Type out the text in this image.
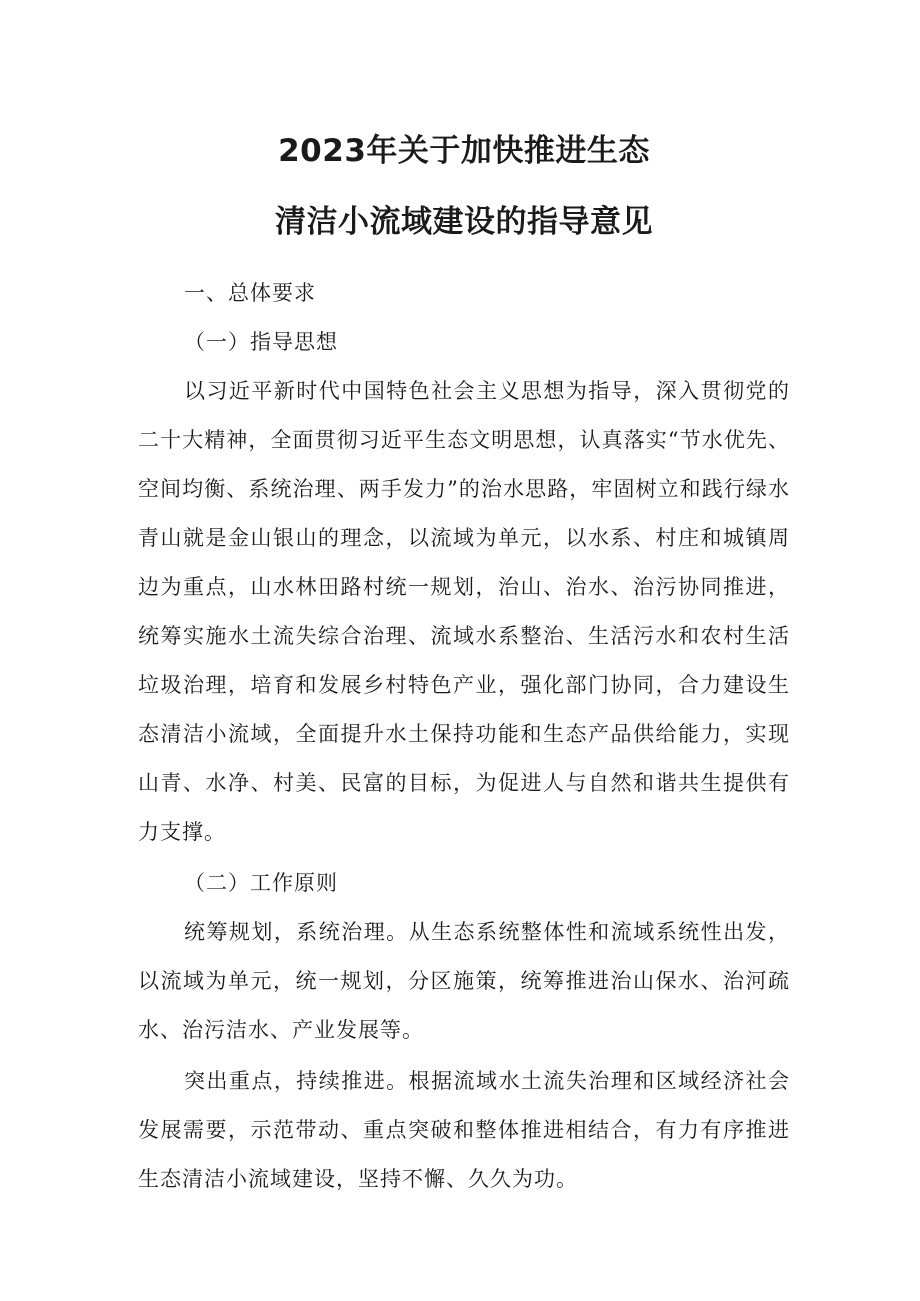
2023年关于加快推进生态
清洁小流域建设的指导意见

一、总体要求

（一）指导思想

以习近平新时代中国特色社会主义思想为指导，深入贯彻党的二十大精神，全面贯彻习近平生态文明思想，认真落实“节水优先、空间均衡、系统治理、两手发力”的治水思路，牢固树立和践行绿水青山就是金山银山的理念，以流域为单元，以水系、村庄和城镇周边为重点，山水林田路村统一规划，治山、治水、治污协同推进，统筹实施水土流失综合治理、流域水系整治、生活污水和农村生活垃圾治理，培育和发展乡村特色产业，强化部门协同，合力建设生态清洁小流域，全面提升水土保持功能和生态产品供给能力，实现山青、水净、村美、民富的目标，为促进人与自然和谐共生提供有力支撑。

（二）工作原则

统筹规划，系统治理。从生态系统整体性和流域系统性出发，以流域为单元，统一规划，分区施策，统筹推进治山保水、治河疏水、治污洁水、产业发展等。

突出重点，持续推进。根据流域水土流失治理和区域经济社会发展需要，示范带动、重点突破和整体推进相结合，有力有序推进生态清洁小流域建设，坚持不懈、久久为功。
